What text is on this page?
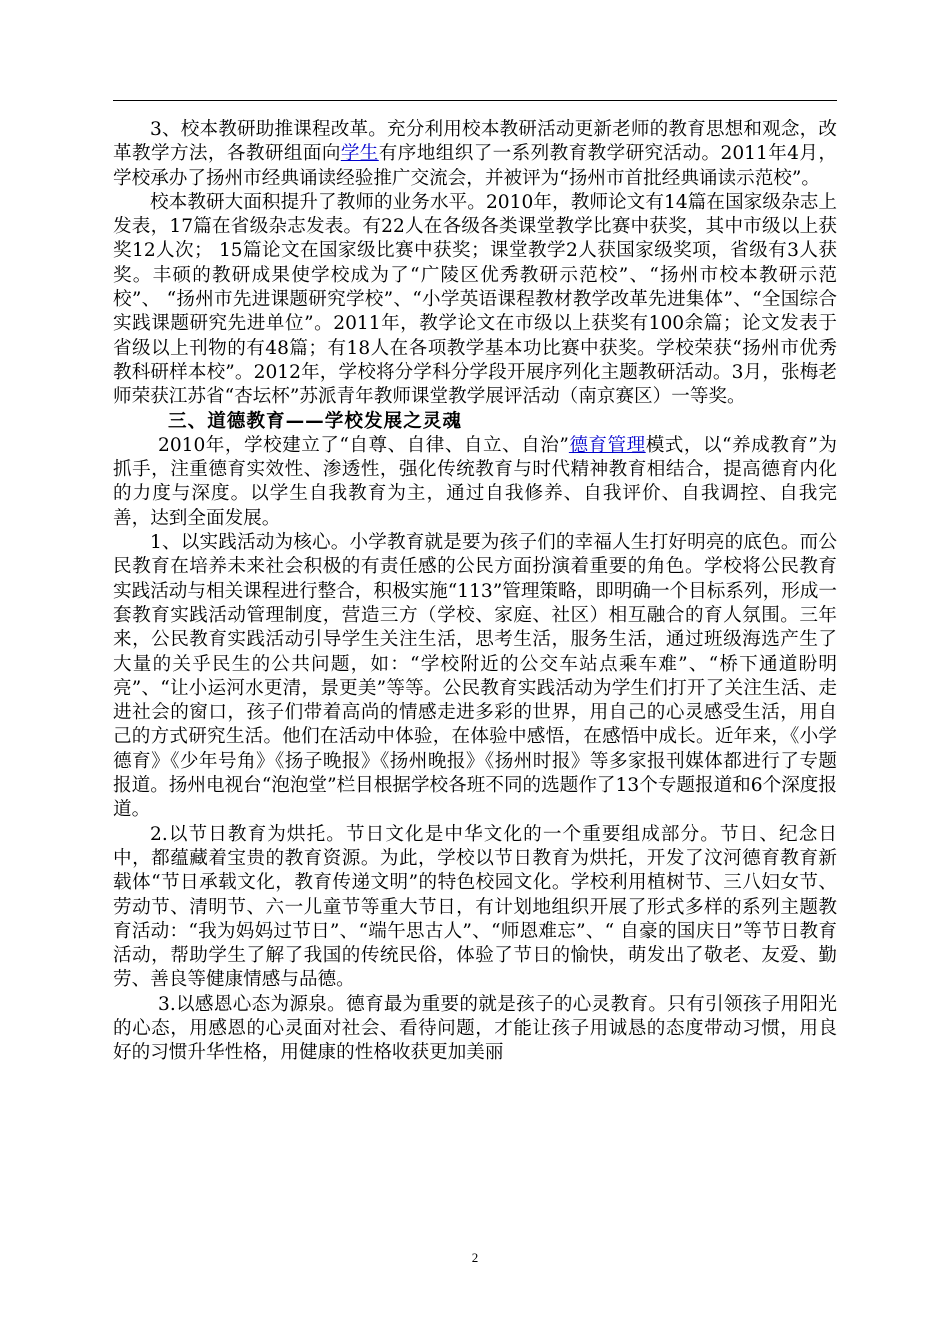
3、校本教研助推课程改革。充分利用校本教研活动更新老师的教育思想和观念，改革教学方法，各教研组面向学生有序地组织了一系列教育教学研究活动。2011年4月，学校承办了扬州市经典诵读经验推广交流会，并被评为“扬州市首批经典诵读示范校”。

校本教研大面积提升了教师的业务水平。2010年，教师论文有14篇在国家级杂志上发表，17篇在省级杂志发表。有22人在各级各类课堂教学比赛中获奖，其中市级以上获奖12人次； 15篇论文在国家级比赛中获奖；课堂教学2人获国家级奖项，省级有3人获奖。丰硕的教研成果使学校成为了“广陵区优秀教研示范校”、“扬州市校本教研示范校”、 “扬州市先进课题研究学校”、“小学英语课程教材教学改革先进集体”、“全国综合实践课题研究先进单位”。2011年，教学论文在市级以上获奖有100余篇；论文发表于省级以上刊物的有48篇；有18人在各项教学基本功比赛中获奖。学校荣获“扬州市优秀教科研样本校”。2012年，学校将分学科分学段开展序列化主题教研活动。3月，张梅老师荣获江苏省“杏坛杯”苏派青年教师课堂教学展评活动（南京赛区）一等奖。

三、道德教育——学校发展之灵魂

2010年，学校建立了“自尊、自律、自立、自治”德育管理模式，以“养成教育”为抓手，注重德育实效性、渗透性，强化传统教育与时代精神教育相结合，提高德育内化的力度与深度。以学生自我教育为主，通过自我修养、自我评价、自我调控、自我完善，达到全面发展。

1、以实践活动为核心。小学教育就是要为孩子们的幸福人生打好明亮的底色。而公民教育在培养未来社会积极的有责任感的公民方面扮演着重要的角色。学校将公民教育实践活动与相关课程进行整合，积极实施“113”管理策略，即明确一个目标系列，形成一套教育实践活动管理制度，营造三方（学校、家庭、社区）相互融合的育人氛围。三年来，公民教育实践活动引导学生关注生活，思考生活，服务生活，通过班级海选产生了大量的关乎民生的公共问题，如：“学校附近的公交车站点乘车难”、“桥下通道盼明亮”、“让小运河水更清，景更美”等等。公民教育实践活动为学生们打开了关注生活、走进社会的窗口，孩子们带着高尚的情感走进多彩的世界，用自己的心灵感受生活，用自己的方式研究生活。他们在活动中体验，在体验中感悟，在感悟中成长。近年来，《小学德育》《少年号角》《扬子晚报》《扬州晚报》《扬州时报》等多家报刊媒体都进行了专题报道。扬州电视台“泡泡堂”栏目根据学校各班不同的选题作了13个专题报道和6个深度报道。

2.以节日教育为烘托。节日文化是中华文化的一个重要组成部分。节日、纪念日中，都蕴藏着宝贵的教育资源。为此，学校以节日教育为烘托，开发了汶河德育教育新载体“节日承载文化，教育传递文明”的特色校园文化。学校利用植树节、三八妇女节、劳动节、清明节、六一儿童节等重大节日，有计划地组织开展了形式多样的系列主题教育活动：“我为妈妈过节日”、“端午思古人”、“师恩难忘”、“ 自豪的国庆日”等节日教育活动，帮助学生了解了我国的传统民俗，体验了节日的愉快，萌发出了敬老、友爱、勤劳、善良等健康情感与品德。

3.以感恩心态为源泉。德育最为重要的就是孩子的心灵教育。只有引领孩子用阳光的心态，用感恩的心灵面对社会、看待问题，才能让孩子用诚恳的态度带动习惯，用良好的习惯升华性格，用健康的性格收获更加美丽

2
